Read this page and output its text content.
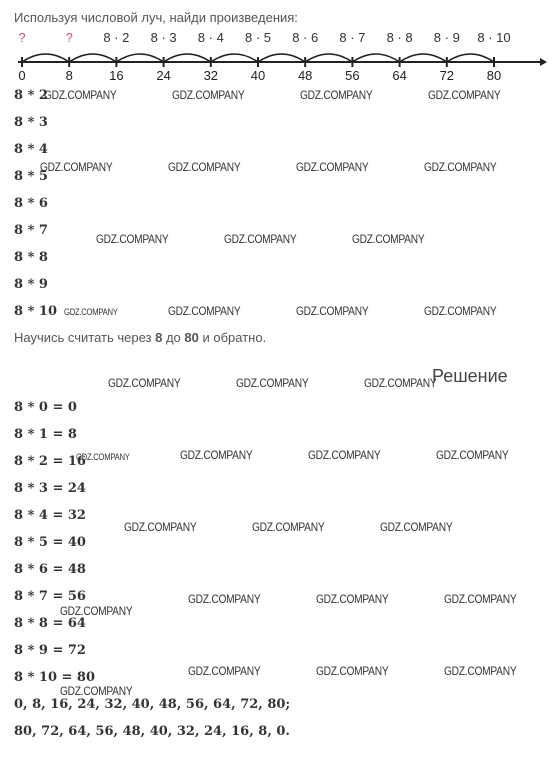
Используя числовой луч, найди произведения:
?	? 8 · 2 8 · 3 8 · 4 8 · 5 8 · 6 8 · 7 8 · 8 8 · 9 8 · 10
0	8	16	24	32	40	48	56	64	72	80
8 * 2
8 * 3
8 * 4
8 * 5
8 * 6
8 * 7
8 * 8
8 * 9
8 * 10
Научись считать через 8 до 80 и обратно.
Решение
8 * 0 = 0
8 * 1 = 8
8 * 2 = 16
8 * 3 = 24
8 * 4 = 32
8 * 5 = 40
8 * 6 = 48
8 * 7 = 56
8 * 8 = 64
8 * 9 = 72
8 * 10 = 80
0, 8, 16, 24, 32, 40, 48, 56, 64, 72, 80;
80, 72, 64, 56, 48, 40, 32, 24, 16, 8, 0.
GDZ.COMPANY	GDZ.COMPANY	GDZ.COMPANY	GDZ.COMPANY
GDZ.COMPANY	GDZ.COMPANY	GDZ.COMPANY	GDZ.COMPANY
GDZ.COMPANY	GDZ.COMPANY	GDZ.COMPANY
GDZ.COMPANY	GDZ.COMPANY	GDZ.COMPANY	GDZ.COMPANY
GDZ.COMPANY	GDZ.COMPANY	GDZ.COMPANY
GDZ.COMPANY	GDZ.COMPANY	GDZ.COMPANY	GDZ.COMPANY
GDZ.COMPANY	GDZ.COMPANY	GDZ.COMPANY
GDZ.COMPANY	GDZ.COMPANY	GDZ.COMPANY
GDZ.COMPANY
GDZ.COMPANY	GDZ.COMPANY	GDZ.COMPANY
GDZ.COMPANY
